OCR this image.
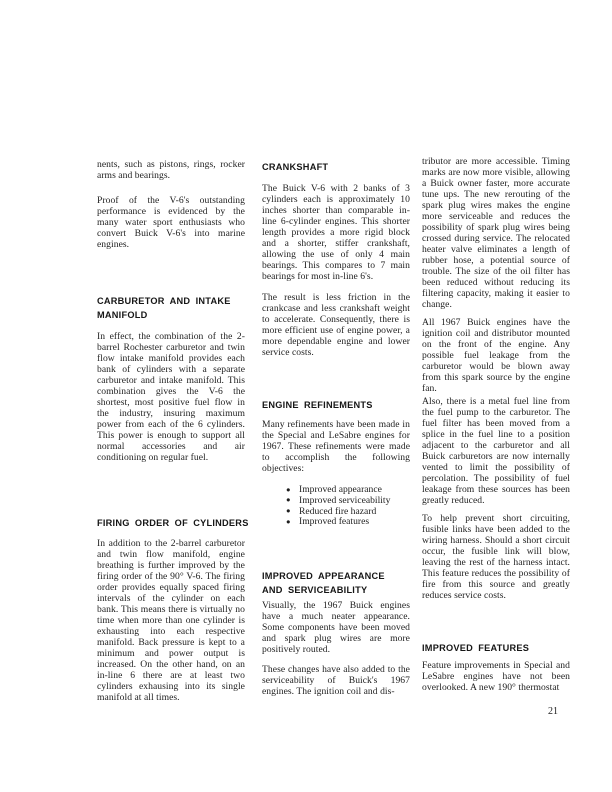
nents, such as pistons, rings, rocker arms and bearings.

Proof of the V-6's outstanding performance is evidenced by the many water sport enthusiasts who convert Buick V-6's into marine engines.

CARBURETOR AND INTAKE MANIFOLD

In effect, the combination of the 2-barrel Rochester carburetor and twin flow intake manifold provides each bank of cylinders with a separate carburetor and intake manifold. This combination gives the V-6 the shortest, most positive fuel flow in the industry, insuring maximum power from each of the 6 cylinders. This power is enough to support all normal accessories and air conditioning on regular fuel.

FIRING ORDER OF CYLINDERS

In addition to the 2-barrel carburetor and twin flow manifold, engine breathing is further improved by the firing order of the 90° V-6. The firing order provides equally spaced firing intervals of the cylinder on each bank. This means there is virtually no time when more than one cylinder is exhausting into each respective manifold. Back pressure is kept to a minimum and power output is increased. On the other hand, on an in-line 6 there are at least two cylinders exhausing into its single manifold at all times.

CRANKSHAFT

The Buick V-6 with 2 banks of 3 cylinders each is approximately 10 inches shorter than comparable in-line 6-cylinder engines. This shorter length provides a more rigid block and a shorter, stiffer crankshaft, allowing the use of only 4 main bearings. This compares to 7 main bearings for most in-line 6's.

The result is less friction in the crankcase and less crankshaft weight to accelerate. Consequently, there is more efficient use of engine power, a more dependable engine and lower service costs.

ENGINE REFINEMENTS

Many refinements have been made in the Special and LeSabre engines for 1967. These refinements were made to accomplish the following objectives:

● Improved appearance
● Improved serviceability
● Reduced fire hazard
● Improved features
IMPROVED APPEARANCE AND SERVICEABILITY

Visually, the 1967 Buick engines have a much neater appearance. Some components have been moved and spark plug wires are more positively routed.

These changes have also added to the serviceability of Buick's 1967 engines. The ignition coil and dis-

tributor are more accessible. Timing marks are now more visible, allowing a Buick owner faster, more accurate tune ups. The new rerouting of the spark plug wires makes the engine more serviceable and reduces the possibility of spark plug wires being crossed during service. The relocated heater valve eliminates a length of rubber hose, a potential source of trouble. The size of the oil filter has been reduced without reducing its filtering capacity, making it easier to change.

All 1967 Buick engines have the ignition coil and distributor mounted on the front of the engine. Any possible fuel leakage from the carburetor would be blown away from this spark source by the engine fan.

Also, there is a metal fuel line from the fuel pump to the carburetor. The fuel filter has been moved from a splice in the fuel line to a position adjacent to the carburetor and all Buick carburetors are now internally vented to limit the possibility of percolation. The possibility of fuel leakage from these sources has been greatly reduced.

To help prevent short circuiting, fusible links have been added to the wiring harness. Should a short circuit occur, the fusible link will blow, leaving the rest of the harness intact. This feature reduces the possibility of fire from this source and greatly reduces service costs.

IMPROVED FEATURES

Feature improvements in Special and LeSabre engines have not been overlooked. A new 190° thermostat

21
